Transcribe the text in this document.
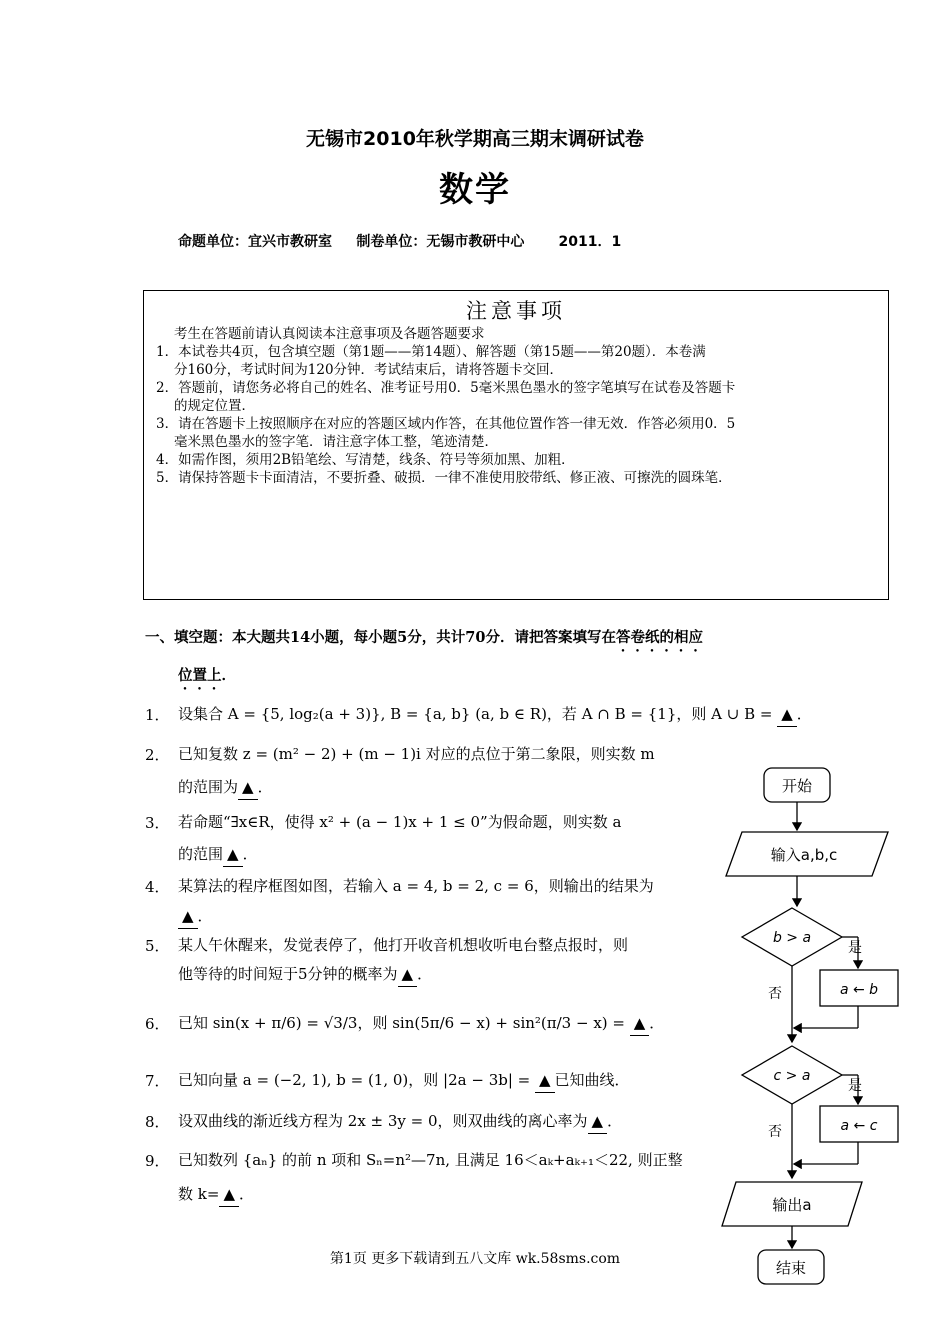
无锡市2010年秋学期高三期末调研试卷
数学
命题单位：宜兴市教研室     制卷单位：无锡市教研中心       2011．1
注意事项
考生在答题前请认真阅读本注意事项及各题答题要求
1．本试卷共4页，包含填空题（第1题——第14题）、解答题（第15题——第20题）．本卷满
分160分，考试时间为120分钟．考试结束后，请将答题卡交回．
2．答题前，请您务必将自己的姓名、准考证号用0．5毫米黑色墨水的签字笔填写在试卷及答题卡
的规定位置．
3．请在答题卡上按照顺序在对应的答题区域内作答，在其他位置作答一律无效．作答必须用0．5
毫米黑色墨水的签字笔．请注意字体工整，笔迹清楚．
4．如需作图，须用2B铅笔绘、写清楚，线条、符号等须加黑、加粗．
5．请保持答题卡卡面清洁，不要折叠、破损．一律不准使用胶带纸、修正液、可擦洗的圆珠笔．
一、填空题：本大题共14小题，每小题5分，共计70分．请把答案填写在答卷纸的相应
位置上．
1． 设集合 A = {5, log₂(a + 3)}, B = {a, b} (a, b ∈ R)，若 A ∩ B = {1}，则 A ∪ B = ▲ ．
2． 已知复数 z = (m² − 2) + (m − 1)i 对应的点位于第二象限，则实数 m
的范围为 ▲ ．
3． 若命题“∃x∈R，使得 x² + (a − 1)x + 1 ≤ 0”为假命题，则实数 a
的范围 ▲ ．
4． 某算法的程序框图如图，若输入 a = 4, b = 2, c = 6，则输出的结果为
▲ ．
5． 某人午休醒来，发觉表停了，他打开收音机想收听电台整点报时，则
他等待的时间短于5分钟的概率为 ▲ ．
6． 已知 sin(x + π/6) = √3/3，则 sin(5π/6 − x) + sin²(π/3 − x) = ▲ ．
7． 已知向量 a = (−2, 1), b = (1, 0)，则 |2a − 3b| = ▲ 已知曲线．
8． 设双曲线的渐近线方程为 2x ± 3y = 0，则双曲线的离心率为 ▲ ．
9． 已知数列 {aₙ} 的前 n 项和 Sₙ=n²—7n, 且满足 16＜aₖ+aₖ₊₁＜22, 则正整
数 k= ▲ ．
开始
输入a,b,c
b > a
是
a ← b
否
c > a
是
a ← c
否
输出a
结束
第1页 更多下载请到五八文库 wk.58sms.com
